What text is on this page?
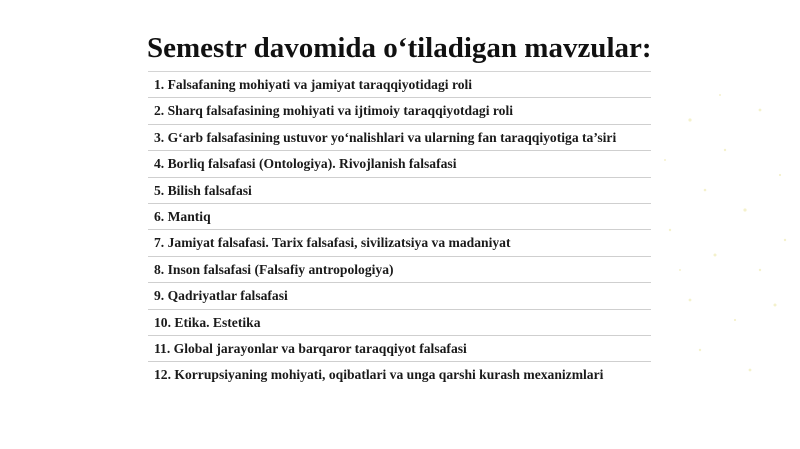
Semestr davomida o‘tiladigan mavzular:
1. Falsafaning mohiyati va jamiyat taraqqiyotidagi roli
2. Sharq falsafasining mohiyati va ijtimoiy taraqqiyotdagi roli
3. G‘arb falsafasining ustuvor yo‘nalishlari va ularning fan taraqqiyotiga ta’siri
4. Borliq falsafasi (Ontologiya). Rivojlanish falsafasi
5. Bilish falsafasi
6. Mantiq
7. Jamiyat falsafasi. Tarix falsafasi, sivilizatsiya va madaniyat
8. Inson falsafasi (Falsafiy antropologiya)
9. Qadriyatlar falsafasi
10. Etika. Estetika
11. Global jarayonlar va barqaror taraqqiyot falsafasi
12. Korrupsiyaning mohiyati, oqibatlari va unga qarshi kurash mexanizmlari
